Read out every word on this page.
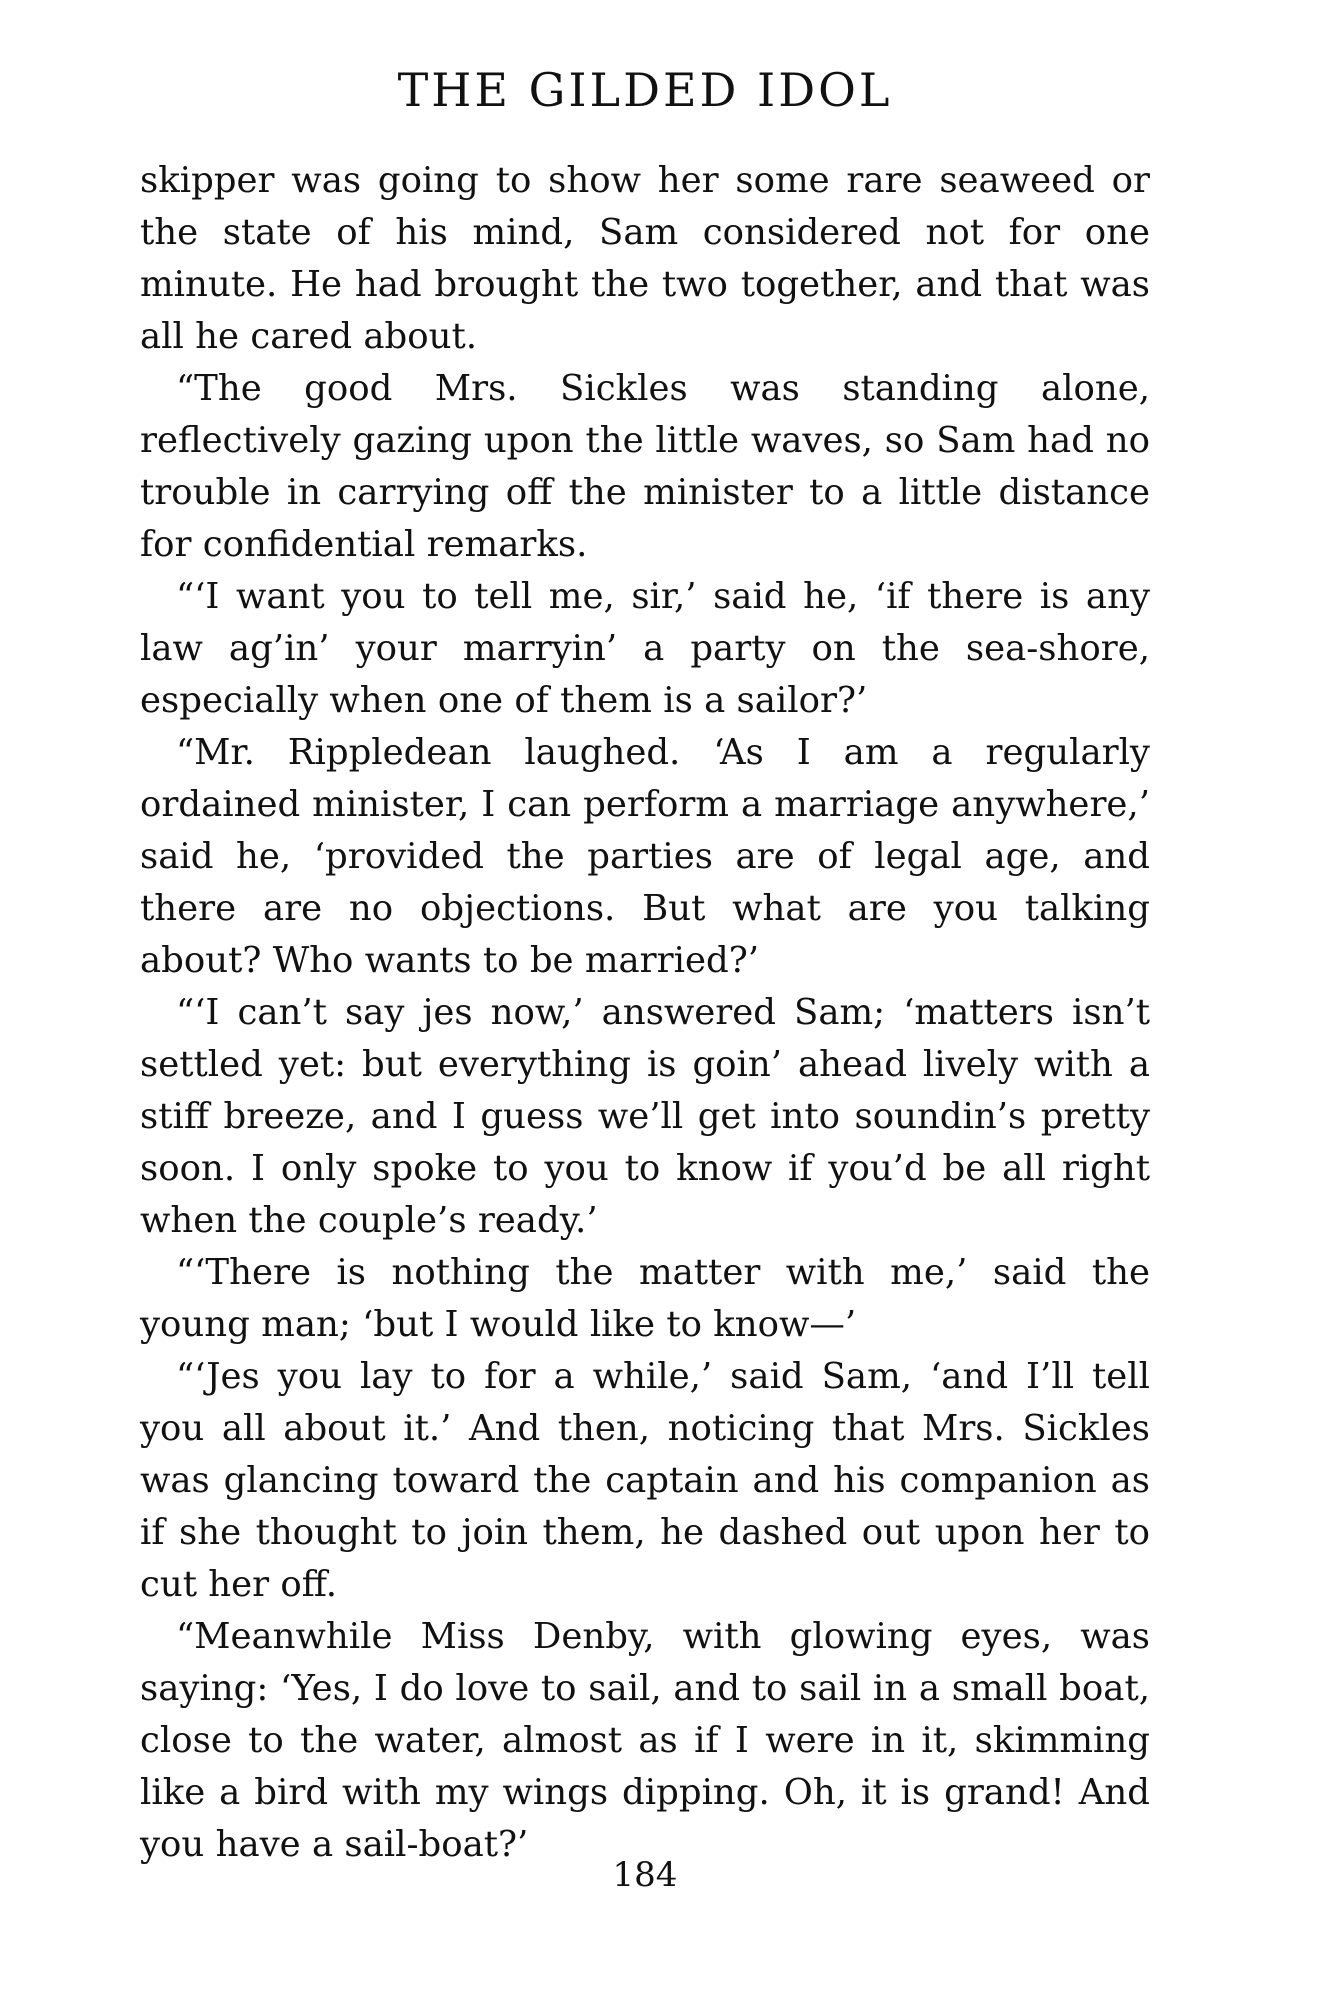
THE GILDED IDOL

skipper was going to show her some rare seaweed or the state of his mind, Sam considered not for one minute. He had brought the two together, and that was all he cared about.

“The good Mrs. Sickles was standing alone, reflectively gazing upon the little waves, so Sam had no trouble in carrying off the minister to a little distance for confidential remarks.

“‘I want you to tell me, sir,’ said he, ‘if there is any law ag’in’ your marryin’ a party on the sea-shore, especially when one of them is a sailor?’

“Mr. Rippledean laughed. ‘As I am a regularly ordained minister, I can perform a marriage anywhere,’ said he, ‘provided the parties are of legal age, and there are no objections. But what are you talking about? Who wants to be married?’

“‘I can’t say jes now,’ answered Sam; ‘matters isn’t settled yet: but everything is goin’ ahead lively with a stiff breeze, and I guess we’ll get into soundin’s pretty soon. I only spoke to you to know if you’d be all right when the couple’s ready.’

“‘There is nothing the matter with me,’ said the young man; ‘but I would like to know—’

“‘Jes you lay to for a while,’ said Sam, ‘and I’ll tell you all about it.’ And then, noticing that Mrs. Sickles was glancing toward the captain and his companion as if she thought to join them, he dashed out upon her to cut her off.

“Meanwhile Miss Denby, with glowing eyes, was saying: ‘Yes, I do love to sail, and to sail in a small boat, close to the water, almost as if I were in it, skimming like a bird with my wings dipping. Oh, it is grand! And you have a sail-boat?’

184
